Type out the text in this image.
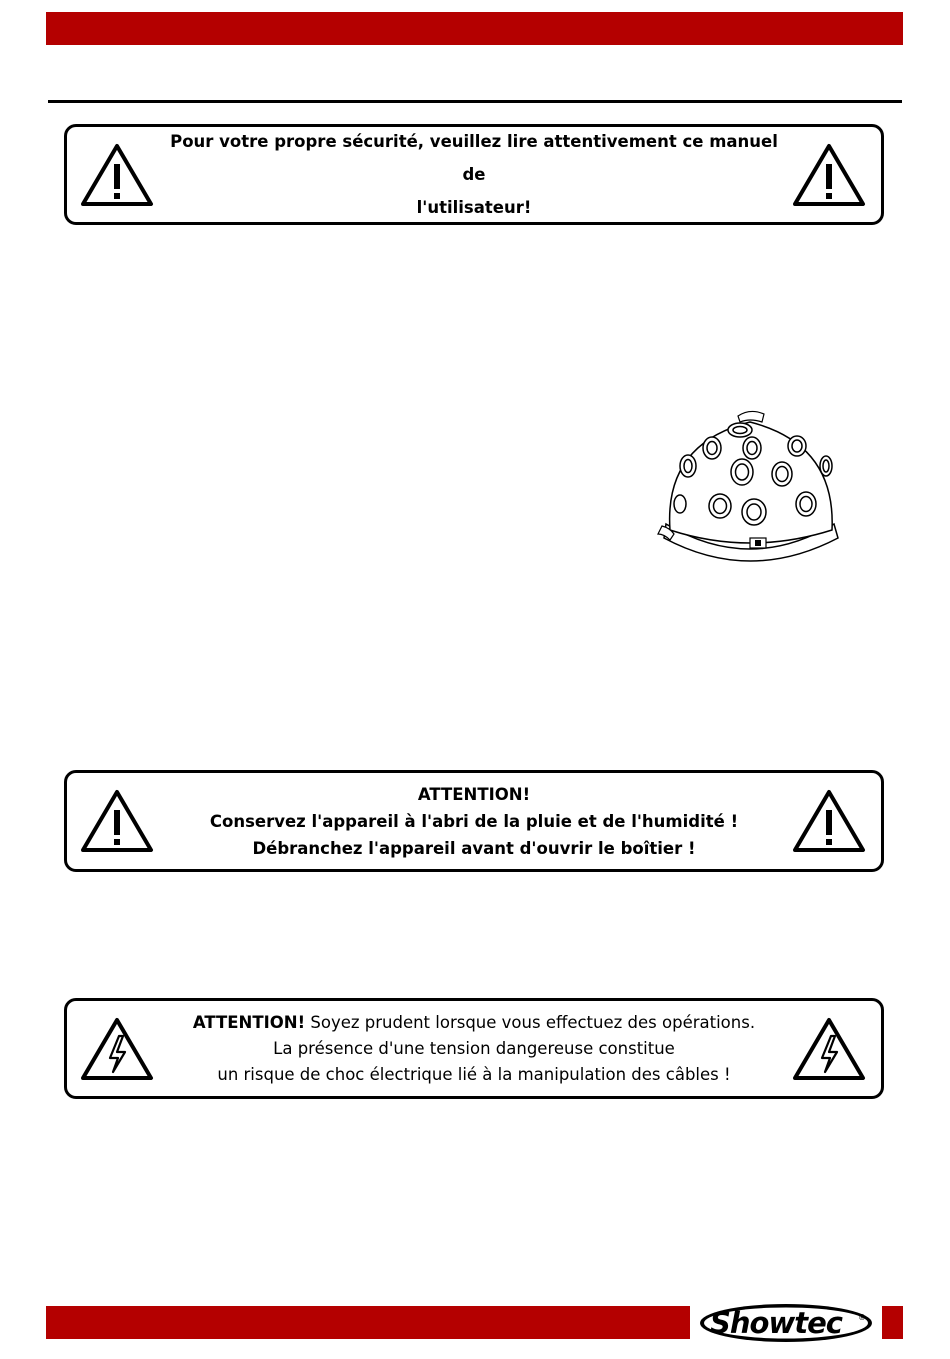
Pour votre propre sécurité, veuillez lire attentivement ce manuel de
l'utilisateur!
ATTENTION!
Conservez l'appareil à l'abri de la pluie et de l'humidité !
Débranchez l'appareil avant d'ouvrir le boîtier !
ATTENTION! Soyez prudent lorsque vous effectuez des opérations.
La présence d'une tension dangereuse constitue
un risque de choc électrique lié à la manipulation des câbles !
Showtec ®
